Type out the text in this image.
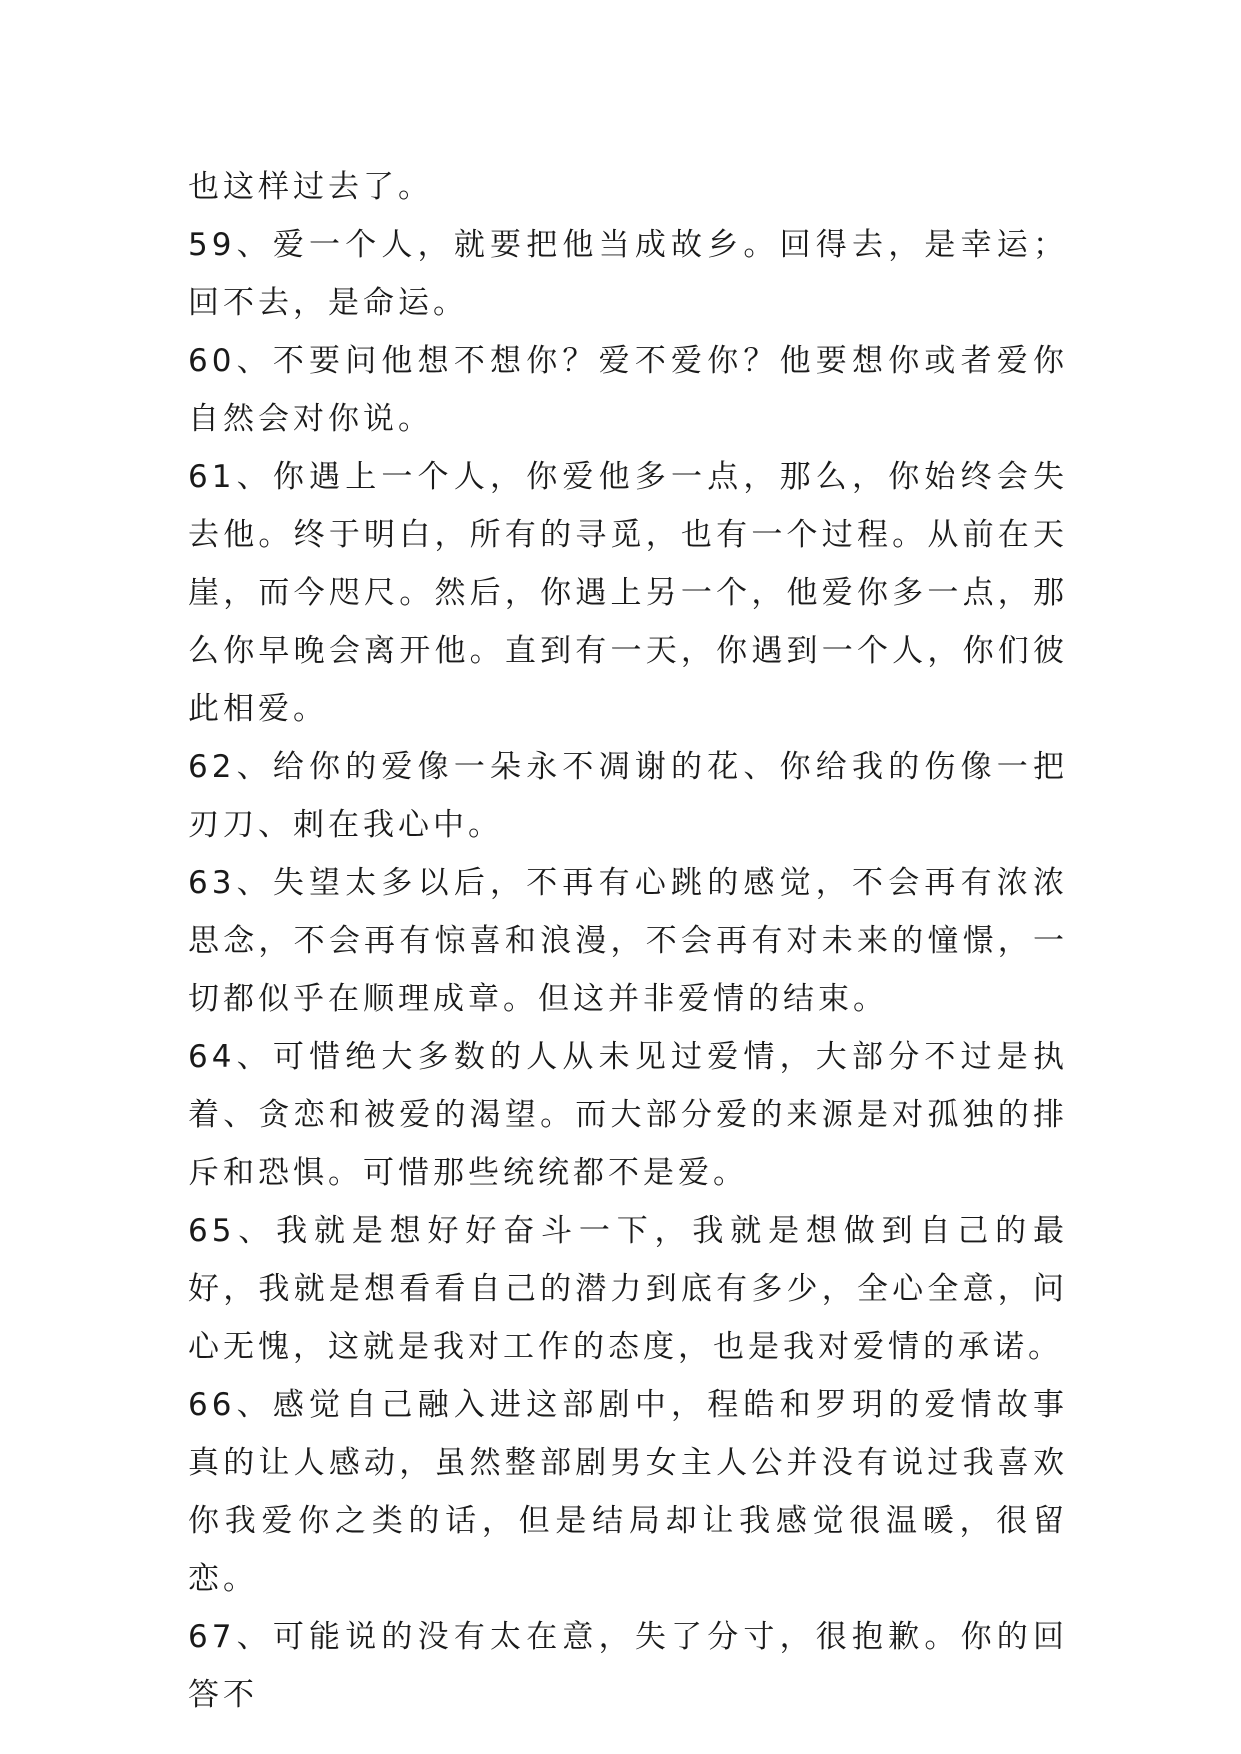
也这样过去了。

59、爱一个人，就要把他当成故乡。回得去，是幸运；回不去，是命运。

60、不要问他想不想你？爱不爱你？他要想你或者爱你自然会对你说。

61、你遇上一个人，你爱他多一点，那么，你始终会失去他。终于明白，所有的寻觅，也有一个过程。从前在天崖，而今咫尺。然后，你遇上另一个，他爱你多一点，那么你早晚会离开他。直到有一天，你遇到一个人，你们彼此相爱。

62、给你的爱像一朵永不凋谢的花、你给我的伤像一把刃刀、刺在我心中。

63、失望太多以后，不再有心跳的感觉，不会再有浓浓思念，不会再有惊喜和浪漫，不会再有对未来的憧憬，一切都似乎在顺理成章。但这并非爱情的结束。

64、可惜绝大多数的人从未见过爱情，大部分不过是执着、贪恋和被爱的渴望。而大部分爱的来源是对孤独的排斥和恐惧。可惜那些统统都不是爱。

65、我就是想好好奋斗一下，我就是想做到自己的最好，我就是想看看自己的潜力到底有多少，全心全意，问心无愧，这就是我对工作的态度，也是我对爱情的承诺。

66、感觉自己融入进这部剧中，程皓和罗玥的爱情故事真的让人感动，虽然整部剧男女主人公并没有说过我喜欢你我爱你之类的话，但是结局却让我感觉很温暖，很留恋。

67、可能说的没有太在意，失了分寸，很抱歉。你的回答不
